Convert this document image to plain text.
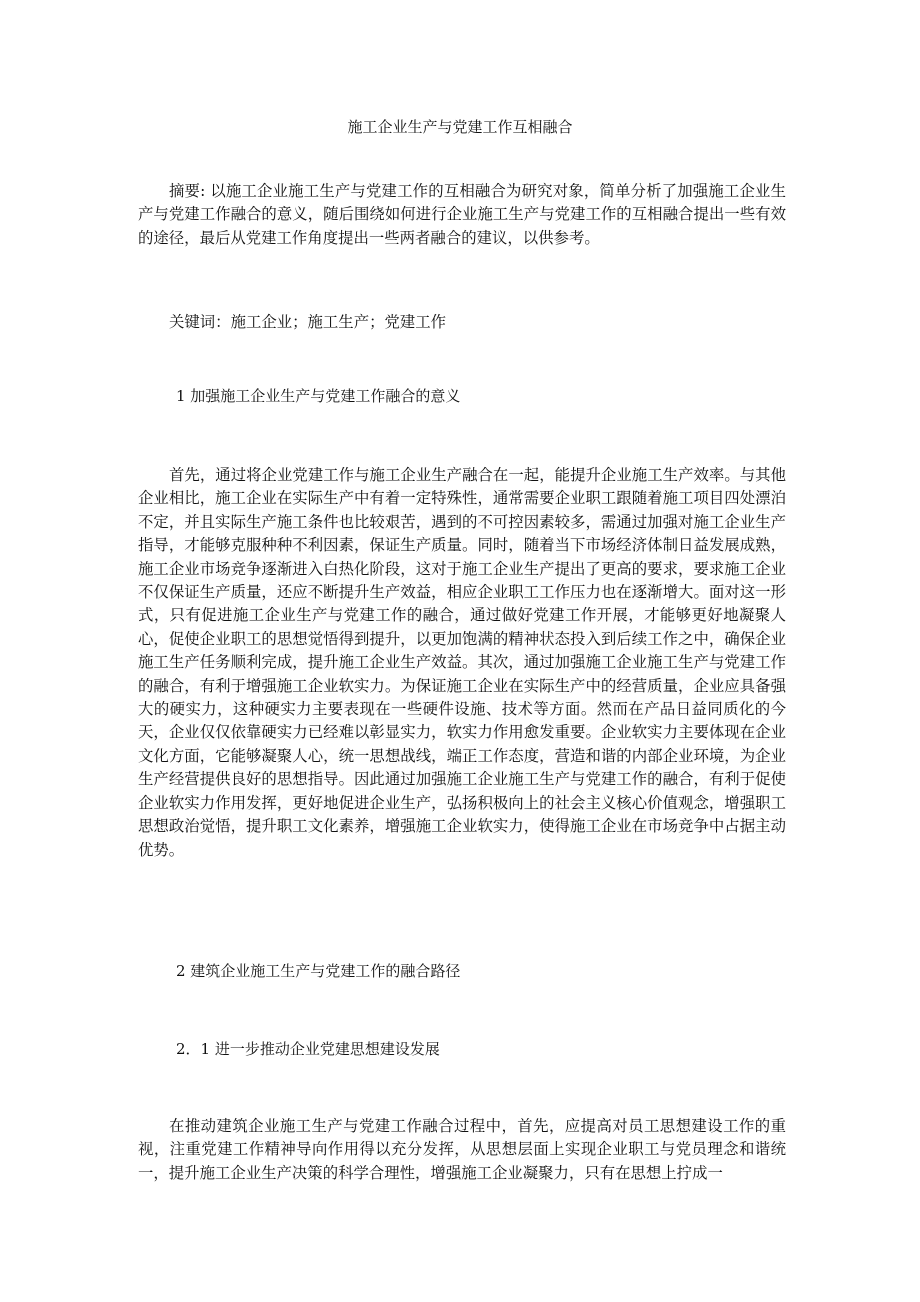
施工企业生产与党建工作互相融合

摘要: 以施工企业施工生产与党建工作的互相融合为研究对象，简单分析了加强施工企业生产与党建工作融合的意义，随后围绕如何进行企业施工生产与党建工作的互相融合提出一些有效的途径，最后从党建工作角度提出一些两者融合的建议，以供参考。

关键词：施工企业；施工生产；党建工作

1 加强施工企业生产与党建工作融合的意义

首先，通过将企业党建工作与施工企业生产融合在一起，能提升企业施工生产效率。与其他企业相比，施工企业在实际生产中有着一定特殊性，通常需要企业职工跟随着施工项目四处漂泊不定，并且实际生产施工条件也比较艰苦，遇到的不可控因素较多，需通过加强对施工企业生产指导，才能够克服种种不利因素，保证生产质量。同时，随着当下市场经济体制日益发展成熟，施工企业市场竞争逐渐进入白热化阶段，这对于施工企业生产提出了更高的要求，要求施工企业不仅保证生产质量，还应不断提升生产效益，相应企业职工工作压力也在逐渐增大。面对这一形式，只有促进施工企业生产与党建工作的融合，通过做好党建工作开展，才能够更好地凝聚人心，促使企业职工的思想觉悟得到提升，以更加饱满的精神状态投入到后续工作之中，确保企业施工生产任务顺利完成，提升施工企业生产效益。其次，通过加强施工企业施工生产与党建工作的融合，有利于增强施工企业软实力。为保证施工企业在实际生产中的经营质量，企业应具备强大的硬实力，这种硬实力主要表现在一些硬件设施、技术等方面。然而在产品日益同质化的今天，企业仅仅依靠硬实力已经难以彰显实力，软实力作用愈发重要。企业软实力主要体现在企业文化方面，它能够凝聚人心，统一思想战线，端正工作态度，营造和谐的内部企业环境，为企业生产经营提供良好的思想指导。因此通过加强施工企业施工生产与党建工作的融合，有利于促使企业软实力作用发挥，更好地促进企业生产，弘扬积极向上的社会主义核心价值观念，增强职工思想政治觉悟，提升职工文化素养，增强施工企业软实力，使得施工企业在市场竞争中占据主动优势。

2 建筑企业施工生产与党建工作的融合路径

2．1 进一步推动企业党建思想建设发展

在推动建筑企业施工生产与党建工作融合过程中，首先，应提高对员工思想建设工作的重视，注重党建工作精神导向作用得以充分发挥，从思想层面上实现企业职工与党员理念和谐统一，提升施工企业生产决策的科学合理性，增强施工企业凝聚力，只有在思想上拧成一
